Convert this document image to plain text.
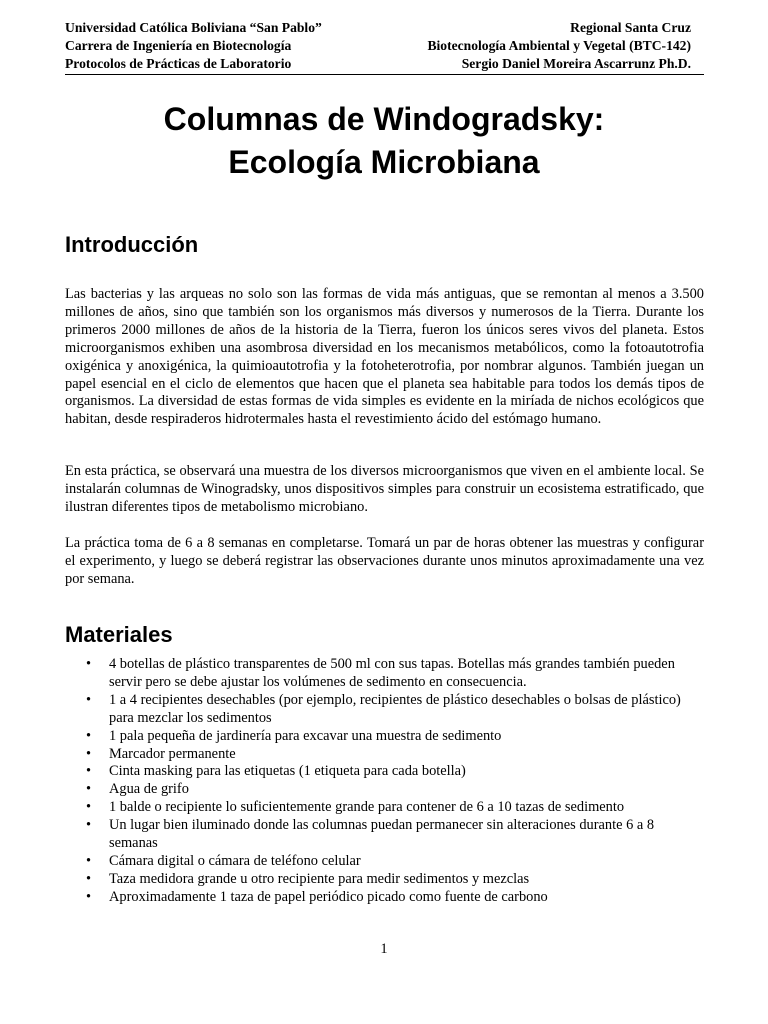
Universidad Católica Boliviana “San Pablo”	Regional Santa Cruz
Carrera de Ingeniería en Biotecnología	Biotecnología Ambiental y Vegetal (BTC-142)
Protocolos de Prácticas de Laboratorio	Sergio Daniel Moreira Ascarrunz Ph.D.
Columnas de Windogradsky:
Ecología Microbiana
Introducción

Las bacterias y las arqueas no solo son las formas de vida más antiguas, que se remontan al menos a 3.500 millones de años, sino que también son los organismos más diversos y numerosos de la Tierra. Durante los primeros 2000 millones de años de la historia de la Tierra, fueron los únicos seres vivos del planeta. Estos microorganismos exhiben una asombrosa diversidad en los mecanismos metabólicos, como la fotoautotrofia oxigénica y anoxigénica, la quimioautotrofia y la fotoheterotrofia, por nombrar algunos. También juegan un papel esencial en el ciclo de elementos que hacen que el planeta sea habitable para todos los demás tipos de organismos. La diversidad de estas formas de vida simples es evidente en la miríada de nichos ecológicos que habitan, desde respiraderos hidrotermales hasta el revestimiento ácido del estómago humano.

En esta práctica, se observará una muestra de los diversos microorganismos que viven en el ambiente local. Se instalarán columnas de Winogradsky, unos dispositivos simples para construir un ecosistema estratificado, que ilustran diferentes tipos de metabolismo microbiano.

La práctica toma de 6 a 8 semanas en completarse. Tomará un par de horas obtener las muestras y configurar el experimento, y luego se deberá registrar las observaciones durante unos minutos aproximadamente una vez por semana.

Materiales
• 4 botellas de plástico transparentes de 500 ml con sus tapas. Botellas más grandes también pueden servir pero se debe ajustar los volúmenes de sedimento en consecuencia.
• 1 a 4 recipientes desechables (por ejemplo, recipientes de plástico desechables o bolsas de plástico) para mezclar los sedimentos
• 1 pala pequeña de jardinería para excavar una muestra de sedimento
• Marcador permanente
• Cinta masking para las etiquetas (1 etiqueta para cada botella)
• Agua de grifo
• 1 balde o recipiente lo suficientemente grande para contener de 6 a 10 tazas de sedimento
• Un lugar bien iluminado donde las columnas puedan permanecer sin alteraciones durante 6 a 8 semanas
• Cámara digital o cámara de teléfono celular
• Taza medidora grande u otro recipiente para medir sedimentos y mezclas
• Aproximadamente 1 taza de papel periódico picado como fuente de carbono
1
